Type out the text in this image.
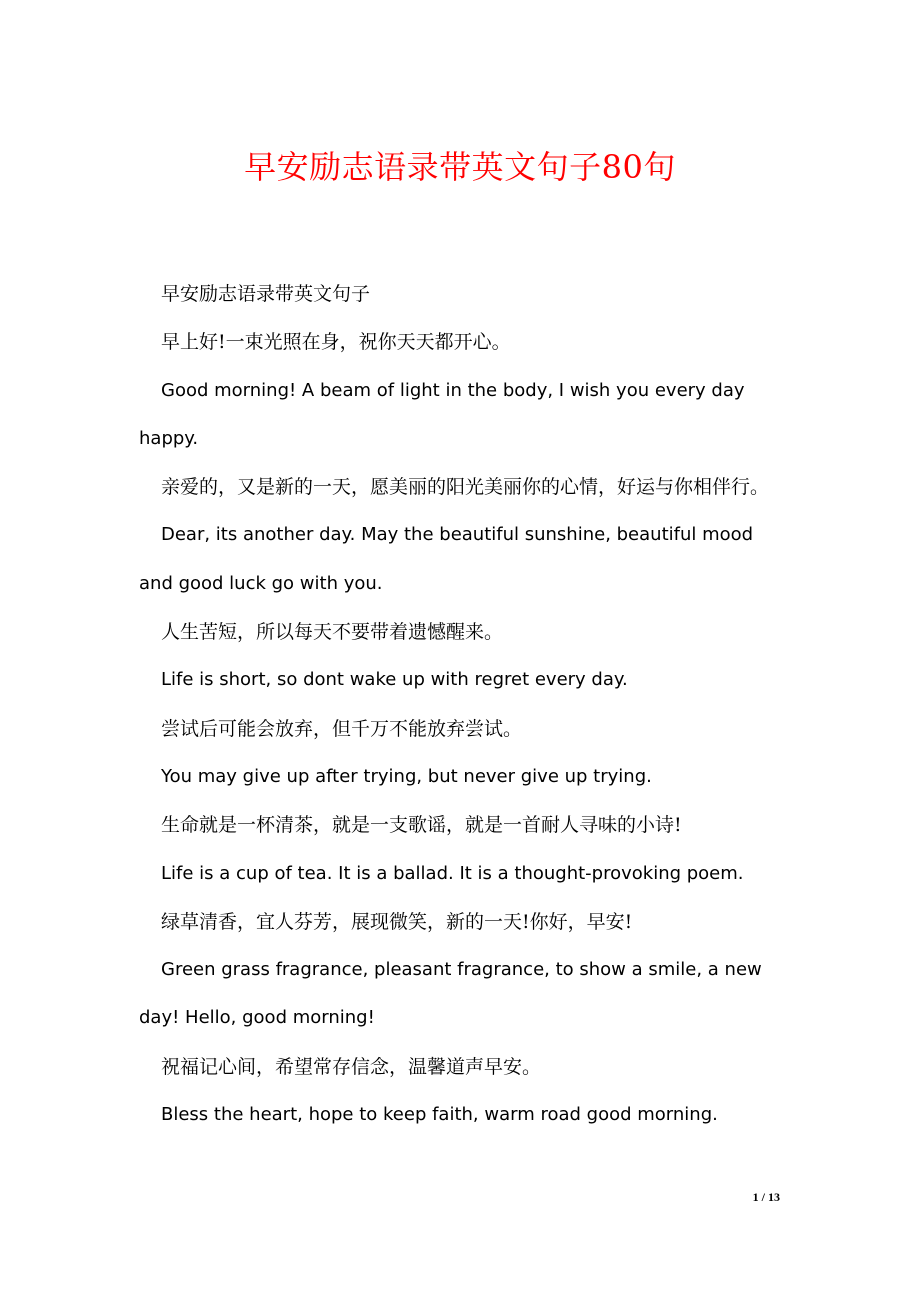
早安励志语录带英文句子80句

早安励志语录带英文句子

早上好!一束光照在身，祝你天天都开心。

Good morning! A beam of light in the body, I wish you every day happy.

亲爱的，又是新的一天，愿美丽的阳光美丽你的心情，好运与你相伴行。

Dear, its another day. May the beautiful sunshine, beautiful mood and good luck go with you.

人生苦短，所以每天不要带着遗憾醒来。

Life is short, so dont wake up with regret every day.

尝试后可能会放弃，但千万不能放弃尝试。

You may give up after trying, but never give up trying.

生命就是一杯清茶，就是一支歌谣，就是一首耐人寻味的小诗!

Life is a cup of tea. It is a ballad. It is a thought-provoking poem.

绿草清香，宜人芬芳，展现微笑，新的一天!你好，早安!

Green grass fragrance, pleasant fragrance, to show a smile, a new day! Hello, good morning!

祝福记心间，希望常存信念，温馨道声早安。

Bless the heart, hope to keep faith, warm road good morning.

1 / 13
